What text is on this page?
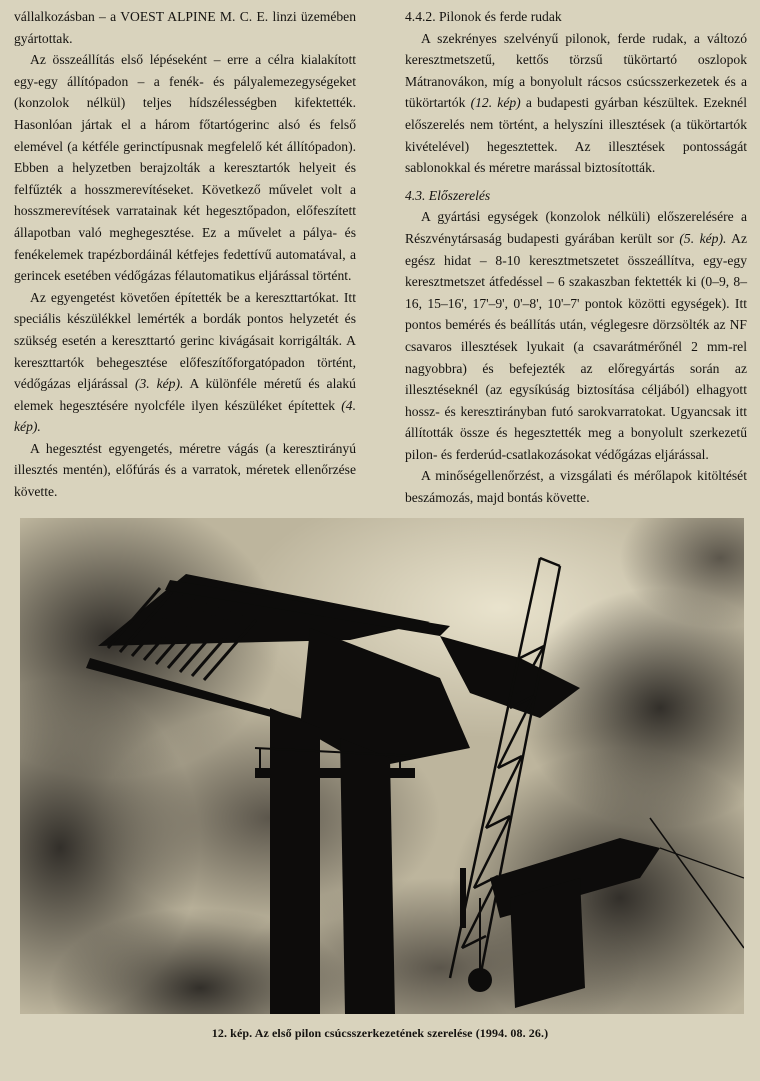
vállalkozásban – a VOEST ALPINE M. C. E. linzi üzemében gyártottak.

Az összeállítás első lépéseként – erre a célra kialakított egy-egy állítópadon – a fenék- és pályalemezegységeket (konzolok nélkül) teljes hídszélességben kifektették. Hasonlóan jártak el a három főtartógerinc alsó és felső elemével (a kétféle gerinctípusnak megfelelő két állítópadon). Ebben a helyzetben berajzolták a keresztartók helyeit és felfűzték a hosszmerevítéseket. Következő művelet volt a hosszmerevítések varratainak két hegesztőpadon, előfeszített állapotban való meghegesztése. Ez a művelet a pálya- és fenékelemek trapézbordáinál kétfejes fedettívű automatával, a gerincek esetében védőgázas félautomatikus eljárással történt.

Az egyengetést követően építették be a kereszttartókat. Itt speciális készülékkel lemérték a bordák pontos helyzetét és szükség esetén a kereszttartó gerinc kivágásait korrigálták. A kereszttartók behegesztése előfeszítőforgatópadon történt, védőgázas eljárással (3. kép). A különféle méretű és alakú elemek hegesztésére nyolcféle ilyen készüléket építettek (4. kép).

A hegesztést egyengetés, méretre vágás (a keresztirányú illesztés mentén), előfúrás és a varratok, méretek ellenőrzése követte.

4.4.2. Pilonok és ferde rudak

A szekrényes szelvényű pilonok, ferde rudak, a változó keresztmetszetű, kettős törzsű tükörtartó oszlopok Mátranovákon, míg a bonyolult rácsos csúcsszerkezetek és a tükörtartók (12. kép) a budapesti gyárban készültek. Ezeknél előszerelés nem történt, a helyszíni illesztések (a tükörtartók kivételével) hegesztettek. Az illesztések pontosságát sablonokkal és méretre marással biztosították.

4.3. Előszerelés

A gyártási egységek (konzolok nélküli) előszerelésére a Részvénytársaság budapesti gyárában került sor (5. kép). Az egész hidat – 8-10 keresztmetszetet összeállítva, egy-egy keresztmetszet átfedéssel – 6 szakaszban fektették ki (0–9, 8–16, 15–16', 17'–9', 0'–8', 10'–7' pontok közötti egységek). Itt pontos bemérés és beállítás után, véglegesre dörzsölték az NF csavaros illesztések lyukait (a csavarátmérőnél 2 mm-rel nagyobbra) és befejezték az előregyártás során az illesztéseknél (az egysíkúság biztosítása céljából) elhagyott hossz- és keresztirányban futó sarokvarratokat. Ugyancsak itt állították össze és hegesztették meg a bonyolult szerkezetű pilon- és ferderúd-csatlakozásokat védőgázas eljárással.

A minőségellenőrzést, a vizsgálati és mérőlapok kitöltését beszámozás, majd bontás követte.

12. kép. Az első pilon csúcsszerkezetének szerelése (1994. 08. 26.)
